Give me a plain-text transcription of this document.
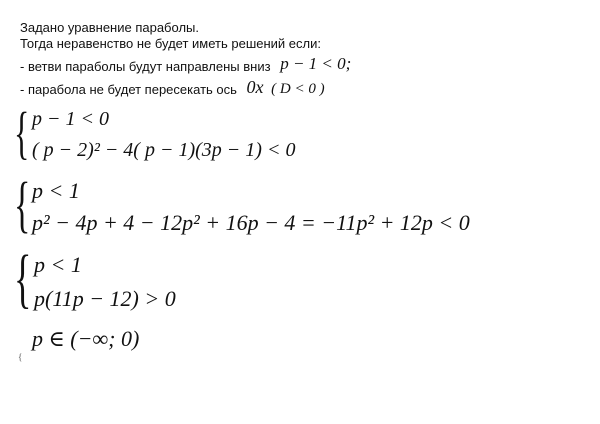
Задано уравнение параболы.
Тогда неравенство не будет иметь решений если:
- ветви параболы будут направлены вниз p − 1 < 0;
- парабола не будет пересекать ось 0x ( D < 0 )
{ p − 1 < 0
( p − 2)² − 4( p − 1)(3p − 1) < 0
{ p < 1
p² − 4p + 4 − 12p² + 16p − 4 = −11p² + 12p < 0
{ p < 1
p(11p − 12) > 0
p ∈ (−∞; 0)
{
